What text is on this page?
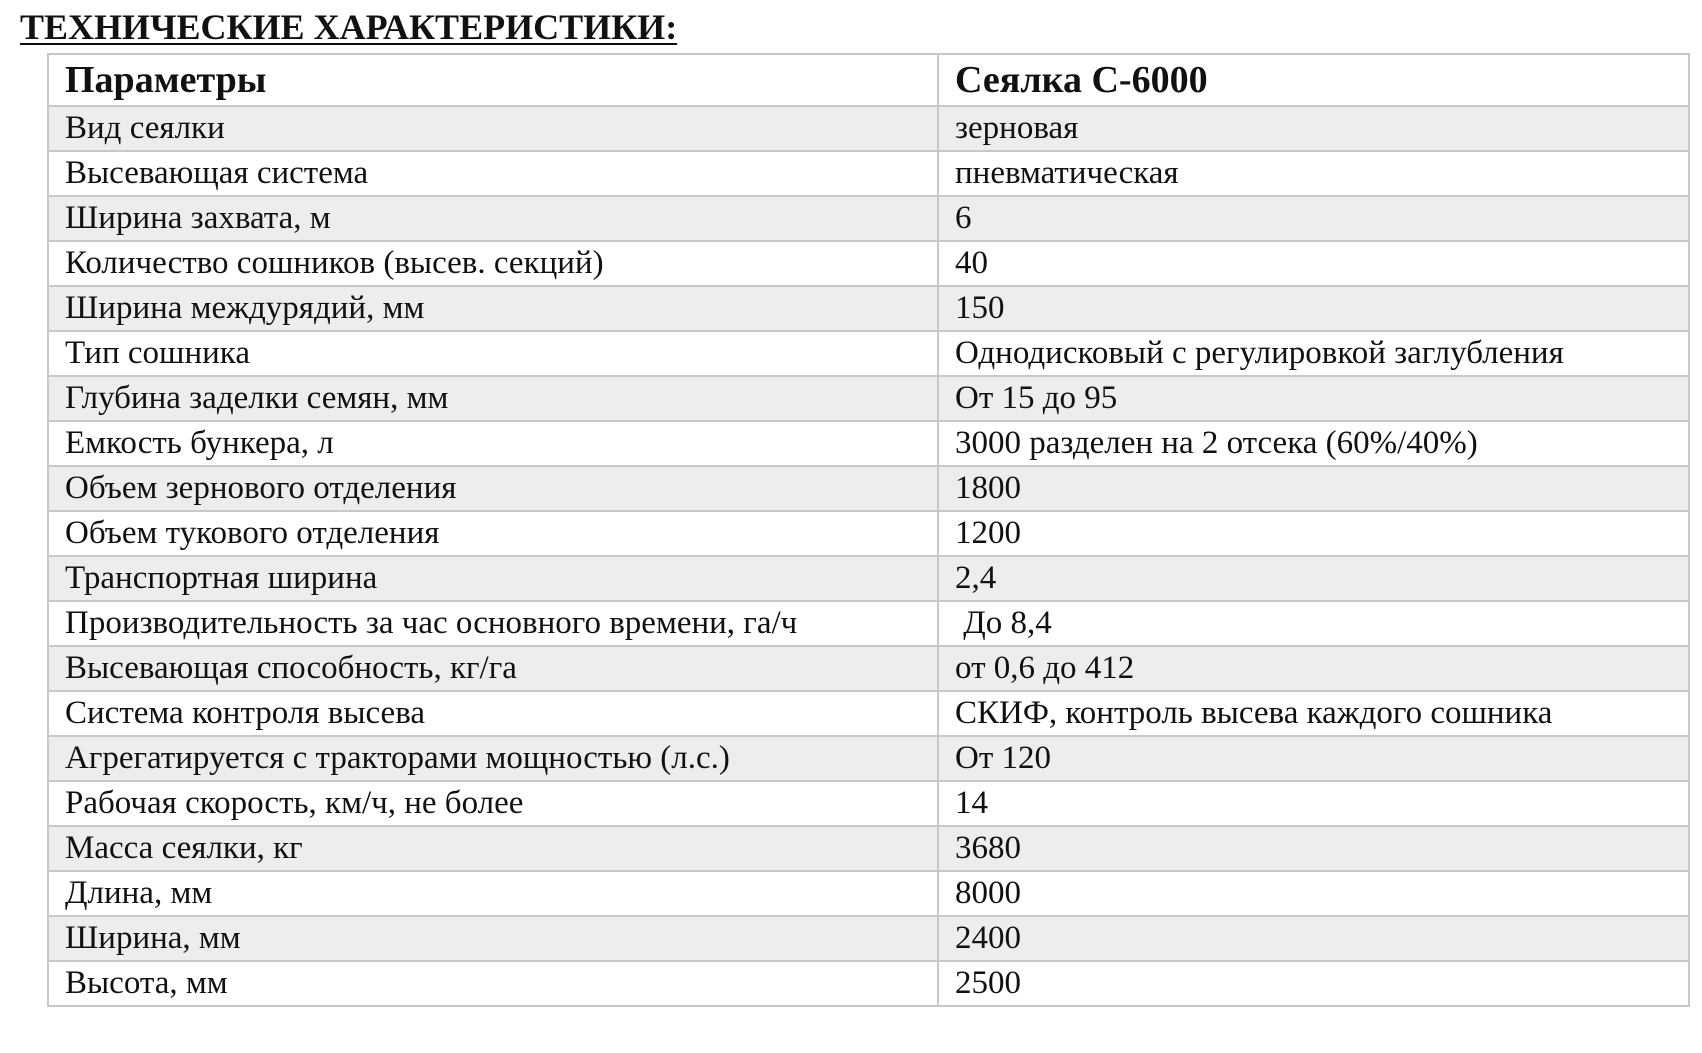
ТЕХНИЧЕСКИЕ ХАРАКТЕРИСТИКИ:
Параметры	Сеялка С-6000
Вид сеялки	зерновая
Высевающая система	пневматическая
Ширина захвата, м	6
Количество сошников (высев. секций)	40
Ширина междурядий, мм	150
Тип сошника	Однодисковый с регулировкой заглубления
Глубина заделки семян, мм	От 15 до 95
Емкость бункера, л	3000 разделен на 2 отсека (60%/40%)
Объем зернового отделения	1800
Объем тукового отделения	1200
Транспортная ширина	2,4
Производительность за час основного времени, га/ч	До 8,4
Высевающая способность, кг/га	от 0,6 до 412
Система контроля высева	СКИФ, контроль высева каждого сошника
Агрегатируется с тракторами мощностью (л.с.)	От 120
Рабочая скорость, км/ч, не более	14
Масса сеялки, кг	3680
Длина, мм	8000
Ширина, мм	2400
Высота, мм	2500
